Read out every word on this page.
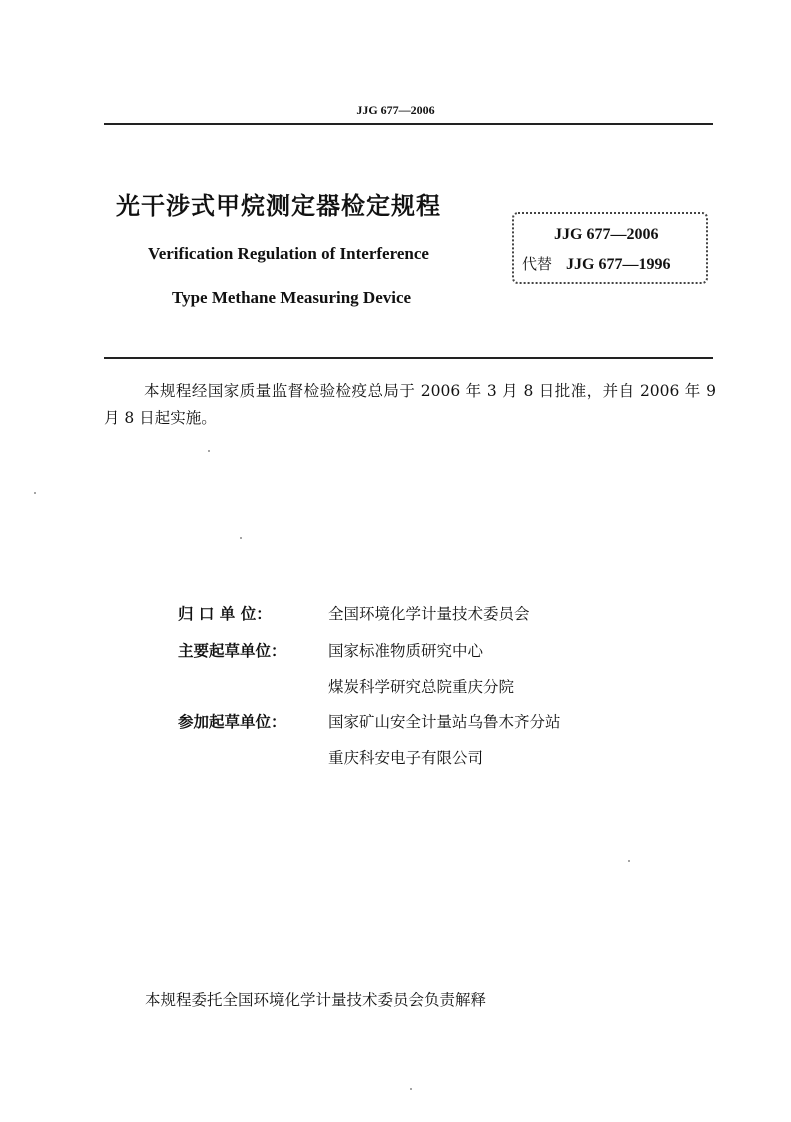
JJG 677—2006
光干涉式甲烷测定器检定规程
Verification Regulation of Interference
Type Methane Measuring Device
JJG 677—2006
代替 JJG 677—1996
本规程经国家质量监督检验检疫总局于 2006 年 3 月 8 日批准，并自 2006 年 9 月 8 日起实施。
归 口 单 位：	全国环境化学计量技术委员会
主要起草单位：	国家标准物质研究中心
煤炭科学研究总院重庆分院
参加起草单位：	国家矿山安全计量站乌鲁木齐分站
重庆科安电子有限公司
本规程委托全国环境化学计量技术委员会负责解释
